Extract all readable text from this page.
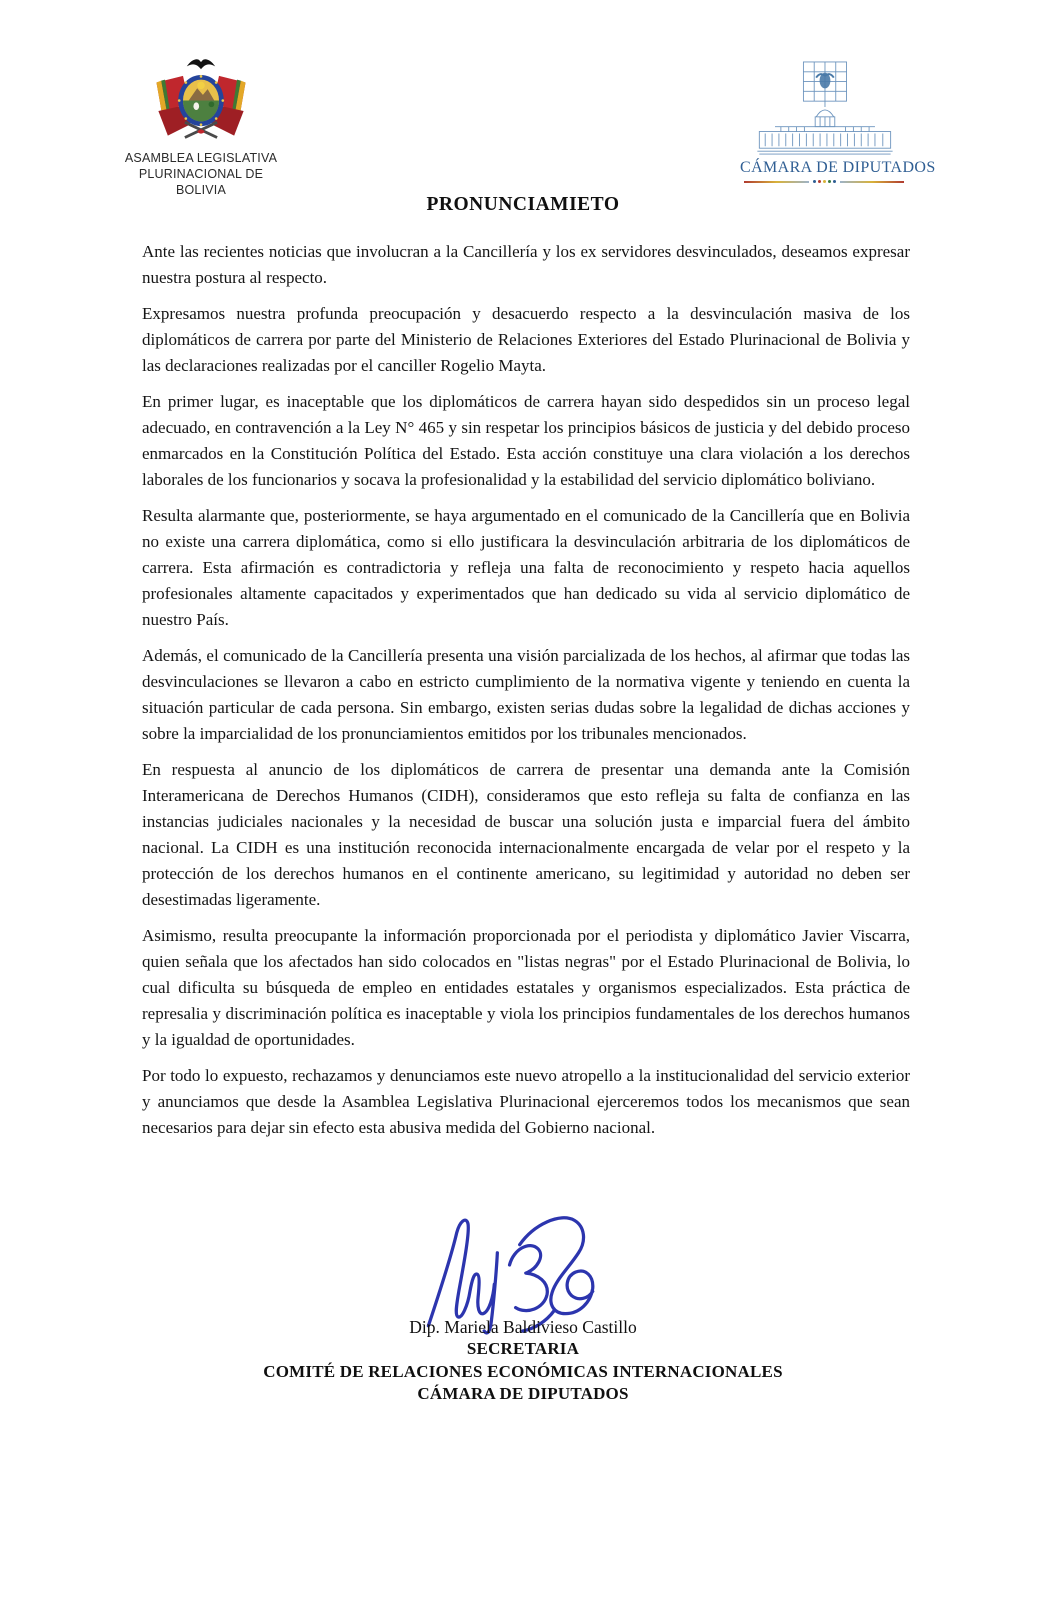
ASAMBLEA LEGISLATIVA
PLURINACIONAL DE BOLIVIA
CÁMARA DE DIPUTADOS
PRONUNCIAMIETO

Ante las recientes noticias que involucran a la Cancillería y los ex servidores desvinculados, deseamos expresar nuestra postura al respecto.

Expresamos nuestra profunda preocupación y desacuerdo respecto a la desvinculación masiva de los diplomáticos de carrera por parte del Ministerio de Relaciones Exteriores del Estado Plurinacional de Bolivia y las declaraciones realizadas por el canciller Rogelio Mayta.

En primer lugar, es inaceptable que los diplomáticos de carrera hayan sido despedidos sin un proceso legal adecuado, en contravención a la Ley N° 465 y sin respetar los principios básicos de justicia y del debido proceso enmarcados en la Constitución Política del Estado. Esta acción constituye una clara violación a los derechos laborales de los funcionarios y socava la profesionalidad y la estabilidad del servicio diplomático boliviano.

Resulta alarmante que, posteriormente, se haya argumentado en el comunicado de la Cancillería que en Bolivia no existe una carrera diplomática, como si ello justificara la desvinculación arbitraria de los diplomáticos de carrera. Esta afirmación es contradictoria y refleja una falta de reconocimiento y respeto hacia aquellos profesionales altamente capacitados y experimentados que han dedicado su vida al servicio diplomático de nuestro País.

Además, el comunicado de la Cancillería presenta una visión parcializada de los hechos, al afirmar que todas las desvinculaciones se llevaron a cabo en estricto cumplimiento de la normativa vigente y teniendo en cuenta la situación particular de cada persona. Sin embargo, existen serias dudas sobre la legalidad de dichas acciones y sobre la imparcialidad de los pronunciamientos emitidos por los tribunales mencionados.

En respuesta al anuncio de los diplomáticos de carrera de presentar una demanda ante la Comisión Interamericana de Derechos Humanos (CIDH), consideramos que esto refleja su falta de confianza en las instancias judiciales nacionales y la necesidad de buscar una solución justa e imparcial fuera del ámbito nacional. La CIDH es una institución reconocida internacionalmente encargada de velar por el respeto y la protección de los derechos humanos en el continente americano, su legitimidad y autoridad no deben ser desestimadas ligeramente.

Asimismo, resulta preocupante la información proporcionada por el periodista y diplomático Javier Viscarra, quien señala que los afectados han sido colocados en "listas negras" por el Estado Plurinacional de Bolivia, lo cual dificulta su búsqueda de empleo en entidades estatales y organismos especializados. Esta práctica de represalia y discriminación política es inaceptable y viola los principios fundamentales de los derechos humanos y la igualdad de oportunidades.

Por todo lo expuesto, rechazamos y denunciamos este nuevo atropello a la institucionalidad del servicio exterior y anunciamos que desde la Asamblea Legislativa Plurinacional ejerceremos todos los mecanismos que sean necesarios para dejar sin efecto esta abusiva medida del Gobierno nacional.

Dip. Mariela Baldivieso Castillo
SECRETARIA
COMITÉ DE RELACIONES ECONÓMICAS INTERNACIONALES
CÁMARA DE DIPUTADOS
